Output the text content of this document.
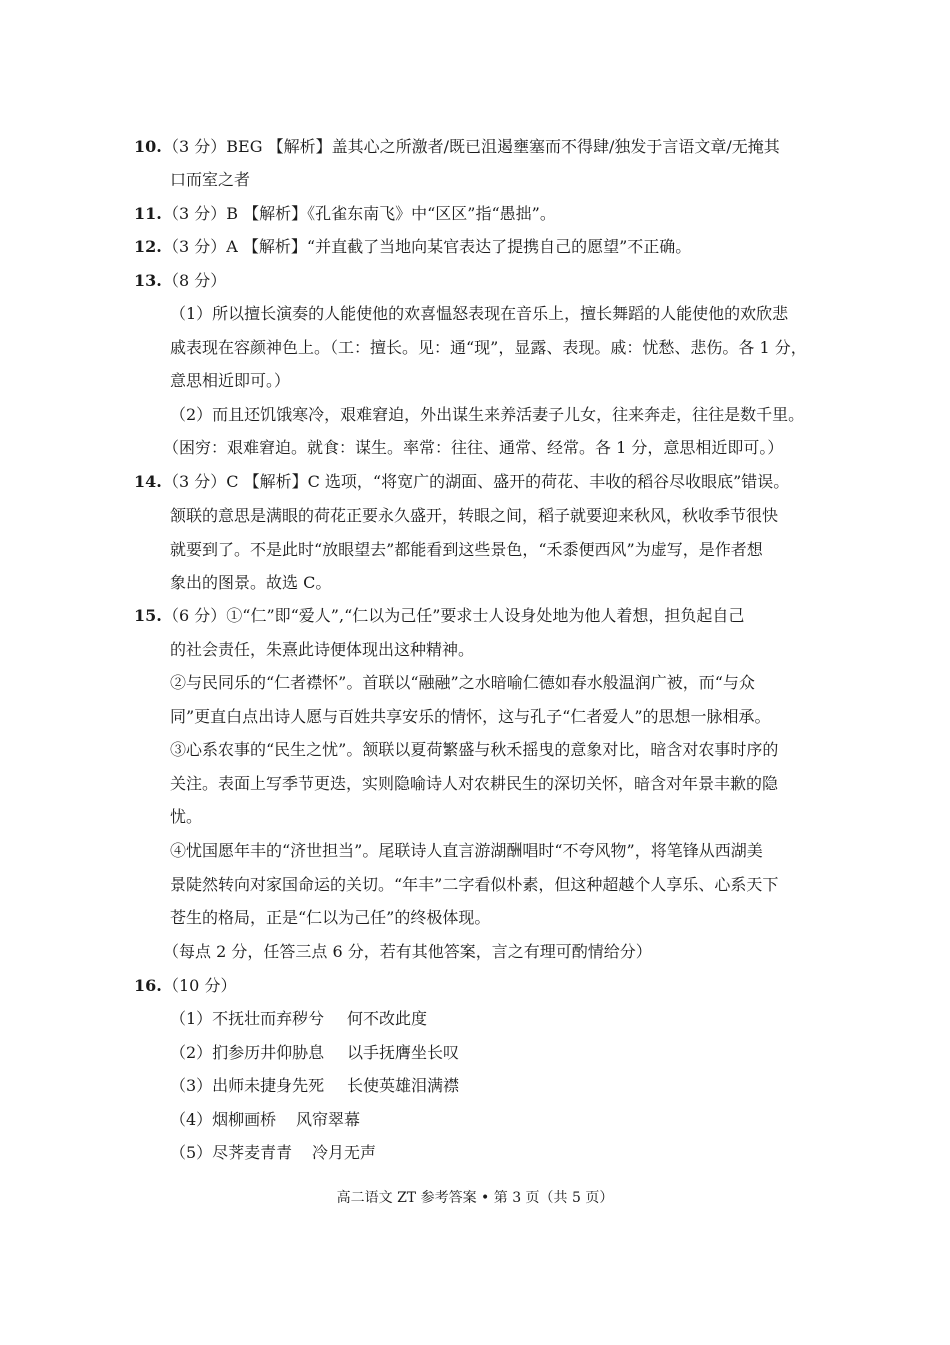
10. （3 分）BEG 【解析】盖其心之所激者/既已沮遏壅塞而不得肆/独发于言语文章/无掩其
口而室之者
11. （3 分）B 【解析】《孔雀东南飞》中“区区”指“愚拙”。
12. （3 分）A 【解析】“并直截了当地向某官表达了提携自己的愿望”不正确。
13. （8 分）
（1）所以擅长演奏的人能使他的欢喜愠怒表现在音乐上，擅长舞蹈的人能使他的欢欣悲
戚表现在容颜神色上。（工：擅长。见：通“现”，显露、表现。戚：忧愁、悲伤。各 1 分，
意思相近即可。）
（2）而且还饥饿寒冷，艰难窘迫，外出谋生来养活妻子儿女，往来奔走，往往是数千里。
（困穷：艰难窘迫。就食：谋生。率常：往往、通常、经常。各 1 分，意思相近即可。）
14. （3 分）C 【解析】C 选项，“将宽广的湖面、盛开的荷花、丰收的稻谷尽收眼底”错误。
颔联的意思是满眼的荷花正要永久盛开，转眼之间，稻子就要迎来秋风，秋收季节很快
就要到了。不是此时“放眼望去”都能看到这些景色，“禾黍便西风”为虚写，是作者想
象出的图景。故选 C。
15. （6 分）①“仁”即“爱人”,“仁以为己任”要求士人设身处地为他人着想，担负起自己
的社会责任，朱熹此诗便体现出这种精神。
②与民同乐的“仁者襟怀”。首联以“融融”之水暗喻仁德如春水般温润广被，而“与众
同”更直白点出诗人愿与百姓共享安乐的情怀，这与孔子“仁者爱人”的思想一脉相承。
③心系农事的“民生之忧”。颔联以夏荷繁盛与秋禾摇曳的意象对比，暗含对农事时序的
关注。表面上写季节更迭，实则隐喻诗人对农耕民生的深切关怀，暗含对年景丰歉的隐
忧。
④忧国愿年丰的“济世担当”。尾联诗人直言游湖酬唱时“不夸风物”，将笔锋从西湖美
景陡然转向对家国命运的关切。“年丰”二字看似朴素，但这种超越个人享乐、心系天下
苍生的格局，正是“仁以为己任”的终极体现。
（每点 2 分，任答三点 6 分，若有其他答案，言之有理可酌情给分）
16. （10 分）
（1）不抚壮而弃秽兮 何不改此度
（2）扪参历井仰胁息 以手抚膺坐长叹
（3）出师未捷身先死 长使英雄泪满襟
（4）烟柳画桥 风帘翠幕
（5）尽荠麦青青 冷月无声
高二语文 ZT 参考答案 • 第 3 页（共 5 页）
